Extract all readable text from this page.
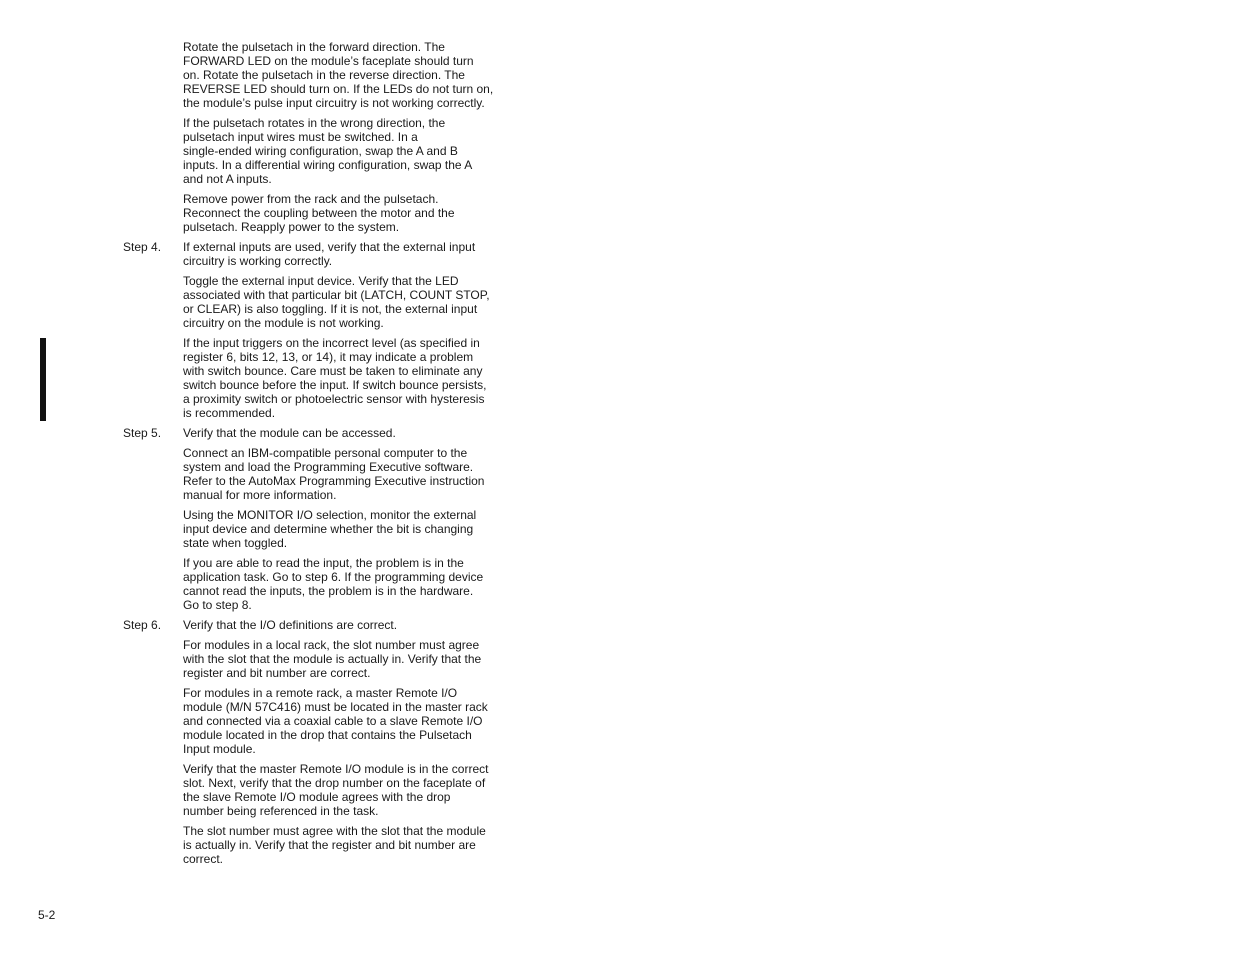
Rotate the pulsetach in the forward direction. The
FORWARD LED on the module’s faceplate should turn
on. Rotate the pulsetach in the reverse direction. The
REVERSE LED should turn on. If the LEDs do not turn on,
the module’s pulse input circuitry is not working correctly.

If the pulsetach rotates in the wrong direction, the
pulsetach input wires must be switched. In a
single-ended wiring configuration, swap the A and B
inputs. In a differential wiring configuration, swap the A
and not A inputs.

Remove power from the rack and the pulsetach.
Reconnect the coupling between the motor and the
pulsetach. Reapply power to the system.

Step 4.	If external inputs are used, verify that the external input
circuitry is working correctly.

Toggle the external input device. Verify that the LED
associated with that particular bit (LATCH, COUNT STOP,
or CLEAR) is also toggling. If it is not, the external input
circuitry on the module is not working.

If the input triggers on the incorrect level (as specified in
register 6, bits 12, 13, or 14), it may indicate a problem
with switch bounce. Care must be taken to eliminate any
switch bounce before the input. If switch bounce persists,
a proximity switch or photoelectric sensor with hysteresis
is recommended.

Step 5.	Verify that the module can be accessed.

Connect an IBM-compatible personal computer to the
system and load the Programming Executive software.
Refer to the AutoMax Programming Executive instruction
manual for more information.

Using the MONITOR I/O selection, monitor the external
input device and determine whether the bit is changing
state when toggled.

If you are able to read the input, the problem is in the
application task. Go to step 6. If the programming device
cannot read the inputs, the problem is in the hardware.
Go to step 8.

Step 6.	Verify that the I/O definitions are correct.

For modules in a local rack, the slot number must agree
with the slot that the module is actually in. Verify that the
register and bit number are correct.

For modules in a remote rack, a master Remote I/O
module (M/N 57C416) must be located in the master rack
and connected via a coaxial cable to a slave Remote I/O
module located in the drop that contains the Pulsetach
Input module.

Verify that the master Remote I/O module is in the correct
slot. Next, verify that the drop number on the faceplate of
the slave Remote I/O module agrees with the drop
number being referenced in the task.

The slot number must agree with the slot that the module
is actually in. Verify that the register and bit number are
correct.

5-2
